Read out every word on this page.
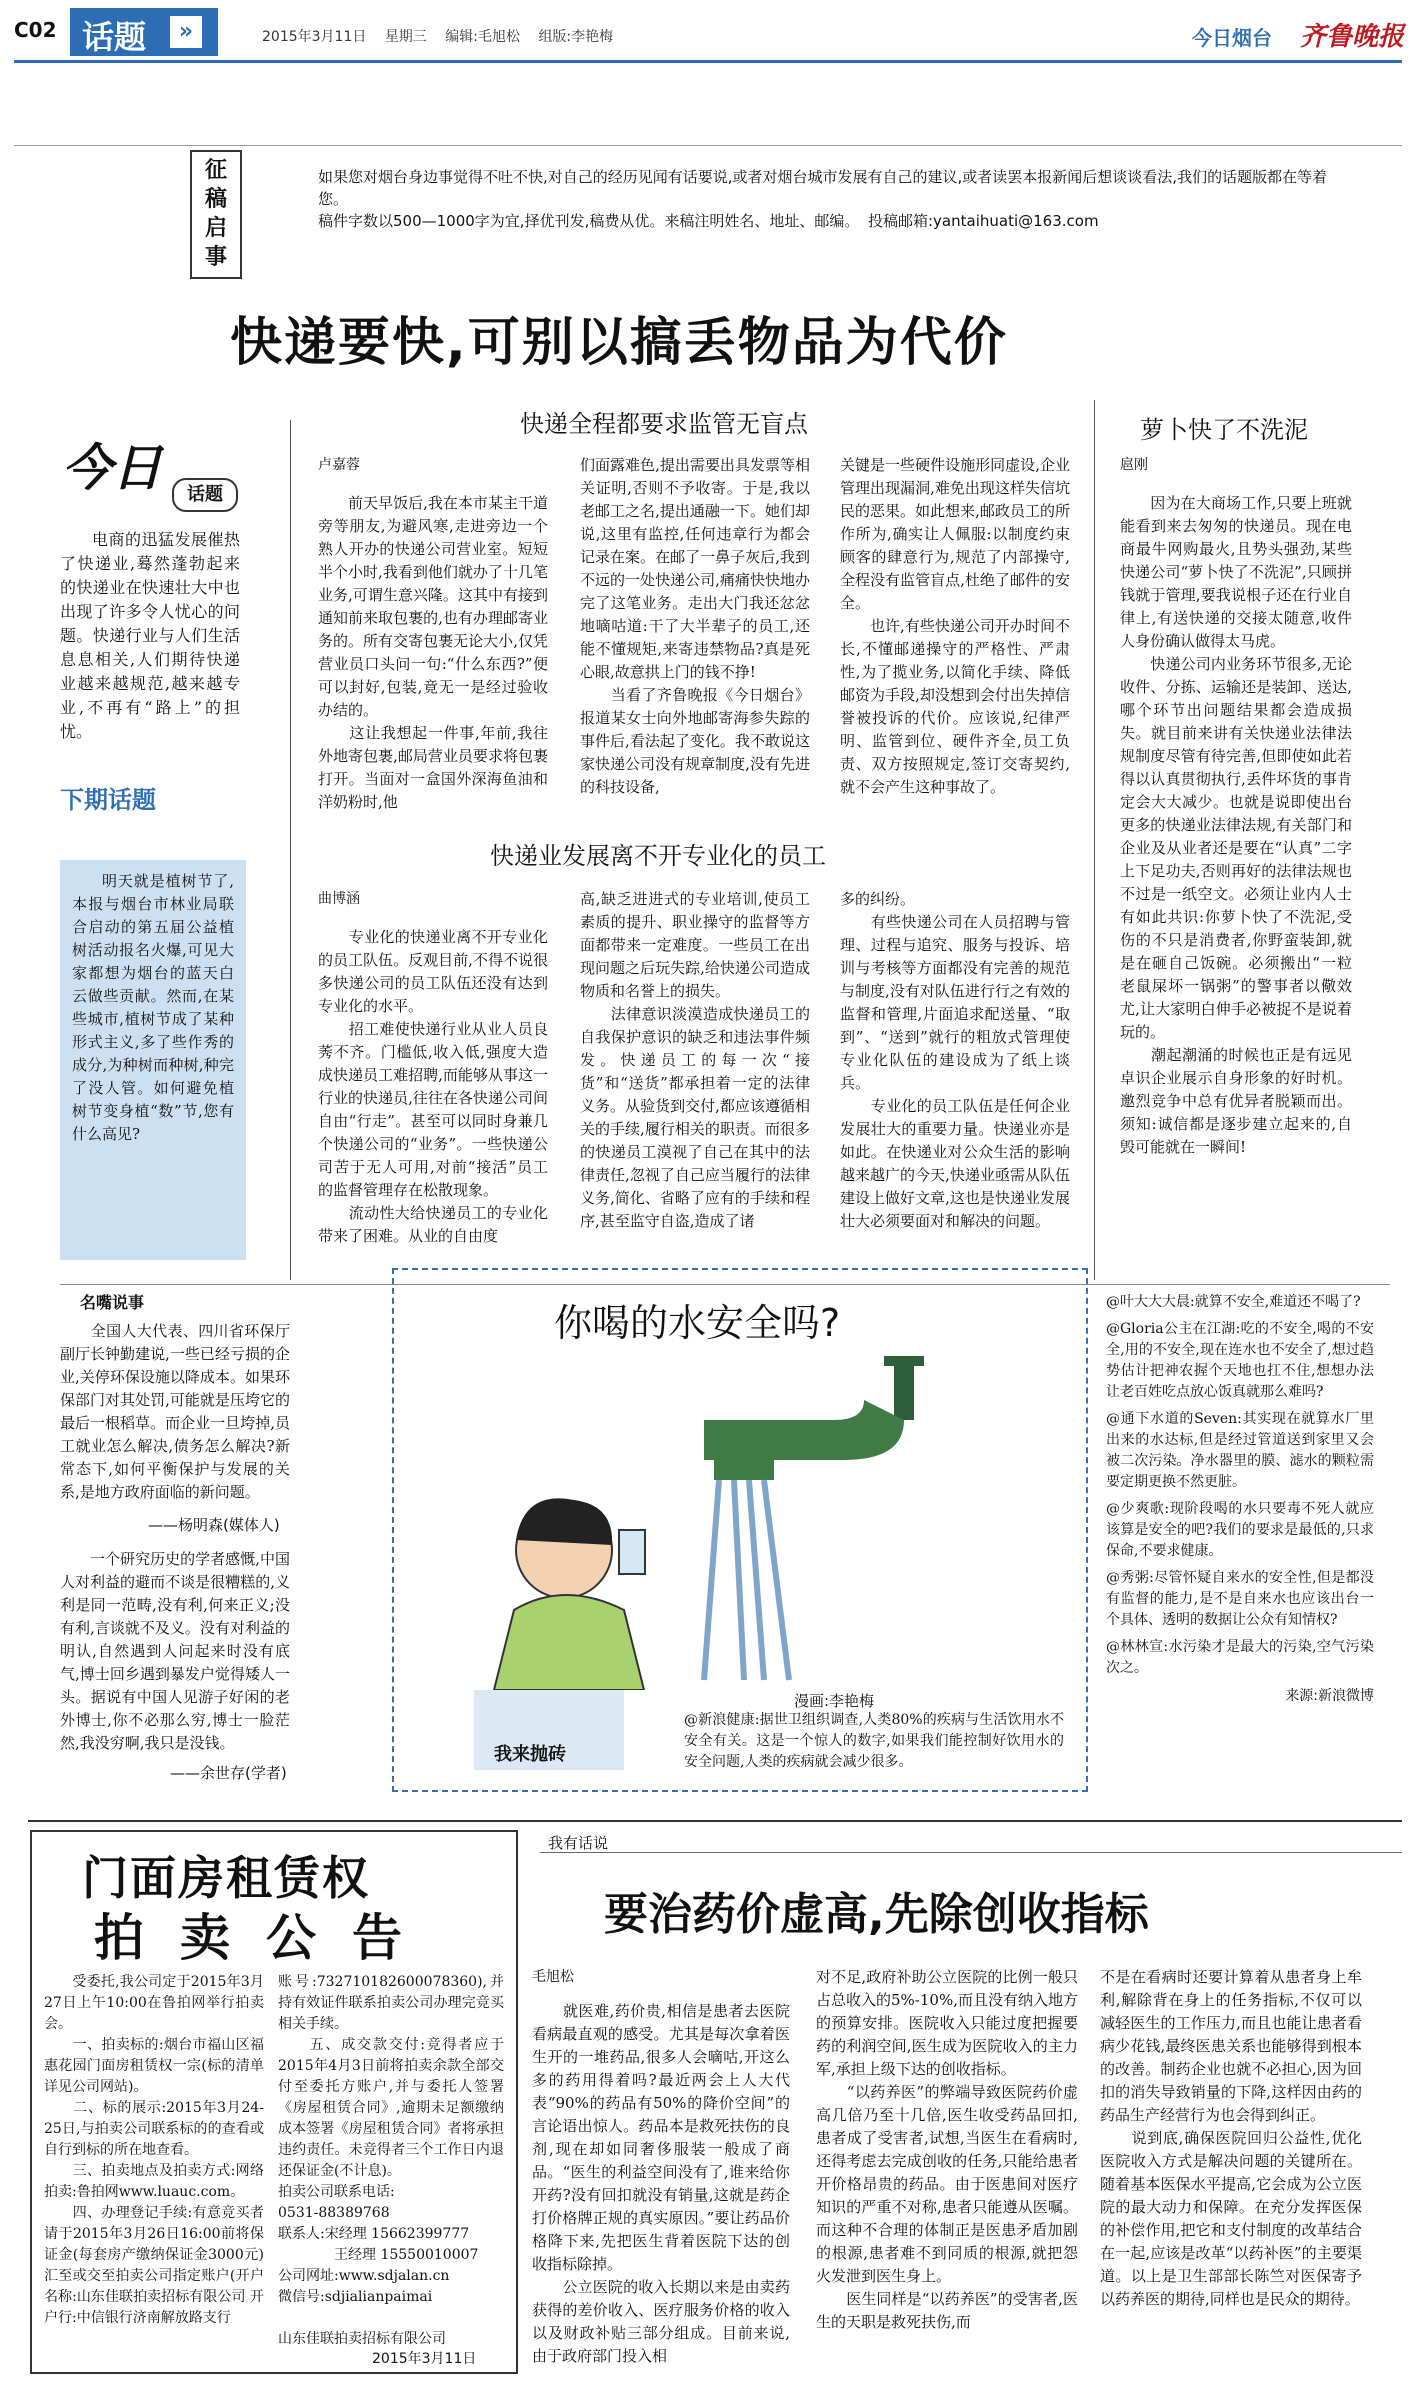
C02 话题	»	2015年3月11日 星期三 编辑:毛旭松 组版:李艳梅	今日烟台 齐鲁晚报
征稿启事
如果您对烟台身边事觉得不吐不快,对自己的经历见闻有话要说,或者对烟台城市发展有自己的建议,或者读罢本报新闻后想谈谈看法,我们的话题版都在等着您。
稿件字数以500—1000字为宜,择优刊发,稿费从优。来稿注明姓名、地址、邮编。 投稿邮箱:yantaihuati@163.com
快递要快,可别以搞丢物品为代价
今日	话题
电商的迅猛发展催热了快递业,蓦然蓬勃起来的快递业在快速壮大中也出现了许多令人忧心的问题。快递行业与人们生活息息相关,人们期待快递业越来越规范,越来越专业,不再有“路上”的担忧。
下期话题
明天就是植树节了,本报与烟台市林业局联合启动的第五届公益植树活动报名火爆,可见大家都想为烟台的蓝天白云做些贡献。然而,在某些城市,植树节成了某种形式主义,多了些作秀的成分,为种树而种树,种完了没人管。如何避免植树节变身植“数”节,您有什么高见?
快递全程都要求监管无盲点
卢嘉蓉
　　前天早饭后,我在本市某主干道旁等朋友,为避风寒,走进旁边一个熟人开办的快递公司营业室。短短半个小时,我看到他们就办了十几笔业务,可谓生意兴隆。这其中有接到通知前来取包裹的,也有办理邮寄业务的。所有交寄包裹无论大小,仅凭营业员口头问一句:“什么东西?”便可以封好,包装,竟无一是经过验收办结的。
　　这让我想起一件事,年前,我往外地寄包裹,邮局营业员要求将包裹打开。当面对一盒国外深海鱼油和洋奶粉时,他
们面露难色,提出需要出具发票等相关证明,否则不予收寄。于是,我以老邮工之名,提出通融一下。她们却说,这里有监控,任何违章行为都会记录在案。在邮了一鼻子灰后,我到不远的一处快递公司,痛痛快快地办完了这笔业务。走出大门我还忿忿地嘀咕道:干了大半辈子的员工,还能不懂规矩,来寄违禁物品?真是死心眼,故意拱上门的钱不挣!
　　当看了齐鲁晚报《今日烟台》报道某女士向外地邮寄海参失踪的事件后,看法起了变化。我不敢说这家快递公司没有规章制度,没有先进的科技设备,
关键是一些硬件设施形同虚设,企业管理出现漏洞,难免出现这样失信坑民的恶果。如此想来,邮政员工的所作所为,确实让人佩服:以制度约束顾客的肆意行为,规范了内部操守,全程没有监管盲点,杜绝了邮件的安全。
　　也许,有些快递公司开办时间不长,不懂邮递操守的严格性、严肃性,为了揽业务,以简化手续、降低邮资为手段,却没想到会付出失掉信誉被投诉的代价。应该说,纪律严明、监管到位、硬件齐全,员工负责、双方按照规定,签订交寄契约,就不会产生这种事故了。
快递业发展离不开专业化的员工
曲博涵
　　专业化的快递业离不开专业化的员工队伍。反观目前,不得不说很多快递公司的员工队伍还没有达到专业化的水平。
　　招工难使快递行业从业人员良莠不齐。门槛低,收入低,强度大造成快递员工难招聘,而能够从事这一行业的快递员,往往在各快递公司间自由“行走”。甚至可以同时身兼几个快递公司的“业务”。一些快递公司苦于无人可用,对前“接活”员工的监督管理存在松散现象。
　　流动性大给快递员工的专业化带来了困难。从业的自由度
高,缺乏进进式的专业培训,使员工素质的提升、职业操守的监督等方面都带来一定难度。一些员工在出现问题之后玩失踪,给快递公司造成物质和名誉上的损失。
　　法律意识淡漠造成快递员工的自我保护意识的缺乏和违法事件频发。快递员工的每一次“接货”和“送货”都承担着一定的法律义务。从验货到交付,都应该遵循相关的手续,履行相关的职责。而很多的快递员工漠视了自己在其中的法律责任,忽视了自己应当履行的法律义务,简化、省略了应有的手续和程序,甚至监守自盗,造成了诸
多的纠纷。
　　有些快递公司在人员招聘与管理、过程与追究、服务与投诉、培训与考核等方面都没有完善的规范与制度,没有对队伍进行行之有效的监督和管理,片面追求配送量、“取到”、“送到”就行的粗放式管理使专业化队伍的建设成为了纸上谈兵。
　　专业化的员工队伍是任何企业发展壮大的重要力量。快递业亦是如此。在快递业对公众生活的影响越来越广的今天,快递业亟需从队伍建设上做好文章,这也是快递业发展壮大必须要面对和解决的问题。
萝卜快了不洗泥
扈刚
　　因为在大商场工作,只要上班就能看到来去匆匆的快递员。现在电商最牛网购最火,且势头强劲,某些快递公司“萝卜快了不洗泥”,只顾拼钱就于管理,要我说根子还在行业自律上,有送快递的交接太随意,收件人身份确认做得太马虎。
　　快递公司内业务环节很多,无论收件、分拣、运输还是装卸、送达,哪个环节出问题结果都会造成损失。就目前来讲有关快递业法律法规制度尽管有待完善,但即使如此若得以认真贯彻执行,丢件坏货的事肯定会大大减少。也就是说即使出台更多的快递业法律法规,有关部门和企业及从业者还是要在“认真”二字上下足功夫,否则再好的法律法规也不过是一纸空文。必须让业内人士有如此共识:你萝卜快了不洗泥,受伤的不只是消费者,你野蛮装卸,就是在砸自己饭碗。必须搬出“一粒老鼠屎坏一锅粥”的警事者以儆效尤,让大家明白伸手必被捉不是说着玩的。
　　潮起潮涌的时候也正是有远见卓识企业展示自身形象的好时机。邀烈竞争中总有优异者脱颖而出。须知:诚信都是逐步建立起来的,自毁可能就在一瞬间!
名嘴说事
　　全国人大代表、四川省环保厅副厅长钟勤建说,一些已经亏损的企业,关停环保设施以降成本。如果环保部门对其处罚,可能就是压垮它的最后一根稻草。而企业一旦垮掉,员工就业怎么解决,债务怎么解决?新常态下,如何平衡保护与发展的关系,是地方政府面临的新问题。
——杨明森(媒体人)
　　一个研究历史的学者感慨,中国人对利益的避而不谈是很糟糕的,义利是同一范畴,没有利,何来正义;没有利,言谈就不及义。没有对利益的明认,自然遇到人问起来时没有底气,博士回乡遇到暴发户觉得矮人一头。据说有中国人见游子好闲的老外博士,你不必那么穷,博士一脸茫然,我没穷啊,我只是没钱。
——余世存(学者)
你喝的水安全吗?
漫画:李艳梅
我来抛砖
@新浪健康:据世卫组织调查,人类80%的疾病与生活饮用水不安全有关。这是一个惊人的数字,如果我们能控制好饮用水的安全问题,人类的疾病就会减少很多。
@叶大大大晨:就算不安全,难道还不喝了?
@Gloria公主在江湖:吃的不安全,喝的不安全,用的不安全,现在连水也不安全了,想过趋势估计把神农握个天地也扛不住,想想办法让老百姓吃点放心饭真就那么难吗?
@通下水道的Seven:其实现在就算水厂里出来的水达标,但是经过管道送到家里又会被二次污染。净水器里的膜、滤水的颗粒需要定期更换不然更脏。
@少爽歌:现阶段喝的水只要毒不死人就应该算是安全的吧?我们的要求是最低的,只求保命,不要求健康。
@秀粥:尽管怀疑自来水的安全性,但是都没有监督的能力,是不是自来水也应该出台一个具体、透明的数据让公众有知情权?
@林林宣:水污染才是最大的污染,空气污染次之。
来源:新浪微博
门面房租赁权
拍卖公告
　　受委托,我公司定于2015年3月27日上午10:00在鲁拍网举行拍卖会。
　　一、拍卖标的:烟台市福山区福惠花园门面房租赁权一宗(标的清单详见公司网站)。
　　二、标的展示:2015年3月24-25日,与拍卖公司联系标的的查看或自行到标的所在地查看。
　　三、拍卖地点及拍卖方式:网络拍卖:鲁拍网www.luauc.com。
　　四、办理登记手续:有意竞买者请于2015年3月26日16:00前将保证金(每套房产缴纳保证金3000元)汇至或交至拍卖公司指定账户(开户名称:山东佳联拍卖招标有限公司 开户行:中信银行济南解放路支行
账号:7327101826000783​60),并持有效证件联系拍卖公司办理完竞买相关手续。
　　五、成交款交付:竞得者应于2015年4月3日前将拍卖余款全部交付至委托方账户,并与委托人签署《房屋租赁合同》,逾期未足额缴纳成本签署《房屋租赁合同》者将承担违约责任。未竞得者三个工作日内退还保证金(不计息)。
拍卖公司联系电话:
0531-88389768
联系人:宋经理 15662399777
　　　　王经理 15550010007
公司网址:www.sdjalan.cn
微信号:sdjialianpaimai
山东佳联拍卖招标有限公司
2015年3月11日
我有话说
要治药价虚高,先除创收指标
毛旭松
　　就医难,药价贵,相信是患者去医院看病最直观的感受。尤其是每次拿着医生开的一堆药品,很多人会嘀咕,开这么多的药用得着吗?最近两会上人大代表“90%的药品有50%的降价空间”的言论语出惊人。药品本是救死扶伤的良剂,现在却如同奢侈服装一般成了商品。“医生的利益空间没有了,谁来给你开药?没有回扣就没有销量,这就是药企打价格牌正规的真实原因。”要让药品价格降下来,先把医生背着医院下达的创收指标除掉。
　　公立医院的收入长期以来是由卖药获得的差价收入、医疗服务价格的收入以及财政补贴三部分组成。目前来说,由于政府部门投入相
对不足,政府补助公立医院的比例一般只占总收入的5%-10%,而且没有纳入地方的预算安排。医院收入只能过度把握要药的利润空间,医生成为医院收入的主力军,承担上级下达的创收指标。
　　“以药养医”的弊端导致医院药价虚高几倍乃至十几倍,医生收受药品回扣,患者成了受害者,试想,当医生在看病时,还得考虑去完成创收的任务,只能给患者开价格昂贵的药品。由于医患间对医疗知识的严重不对称,患者只能遵从医嘱。而这种不合理的体制正是医患矛盾加剧的根源,患者难不到同质的根源,就把怨火发泄到医生身上。
　　医生同样是“以药养医”的受害者,医生的天职是救死扶伤,而
不是在看病时还要计算着从患者身上牟利,解除背在身上的任务指标,不仅可以减轻医生的工作压力,而且也能让患者看病少花钱,最终医患关系也能够得到根本的改善。制药企业也就不必担心,因为回扣的消失导致销量的下降,这样因由药的药品生产经营行为也会得到纠正。
　　说到底,确保医院回归公益性,优化医院收入方式是解决问题的关键所在。随着基本医保水平提高,它会成为公立医院的最大动力和保障。在充分发挥医保的补偿作用,把它和支付制度的改革结合在一起,应该是改革“以药补医”的主要渠道。以上是卫生部部长陈竺对医保寄予以药养医的期待,同样也是民众的期待。
